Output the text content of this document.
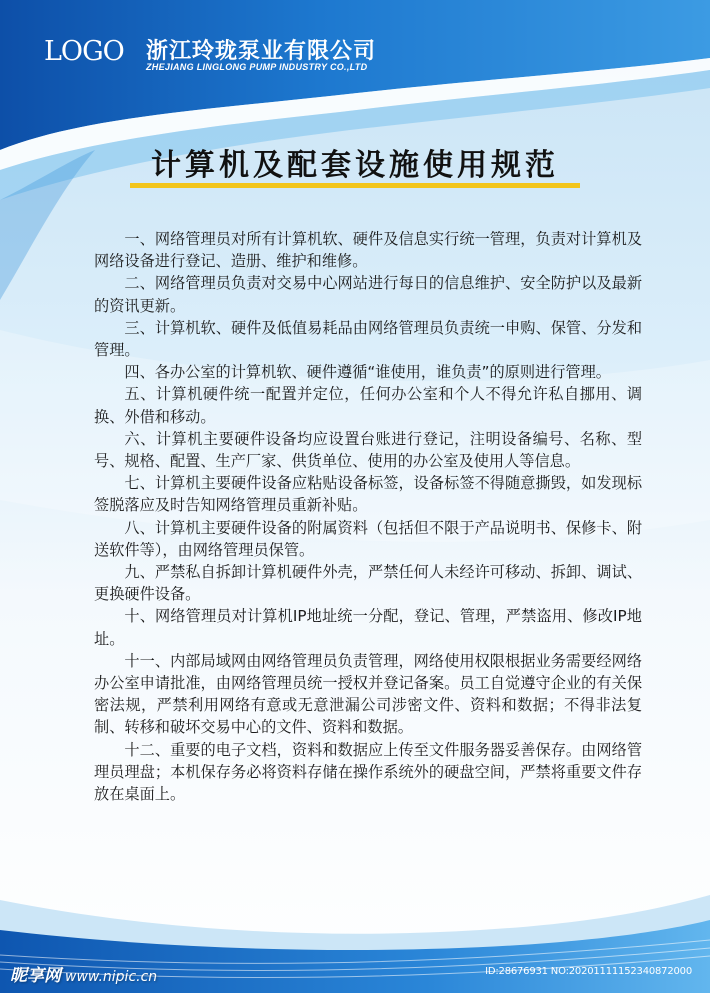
LOGO 浙江玲珑泵业有限公司
ZHEJIANG LINGLONG PUMP INDUSTRY CO.,LTD
计算机及配套设施使用规范

一、网络管理员对所有计算机软、硬件及信息实行统一管理，负责对计算机及网络设备进行登记、造册、维护和维修。

二、网络管理员负责对交易中心网站进行每日的信息维护、安全防护以及最新的资讯更新。

三、计算机软、硬件及低值易耗品由网络管理员负责统一申购、保管、分发和管理。

四、各办公室的计算机软、硬件遵循“谁使用，谁负责”的原则进行管理。

五、计算机硬件统一配置并定位，任何办公室和个人不得允许私自挪用、调换、外借和移动。

六、计算机主要硬件设备均应设置台账进行登记，注明设备编号、名称、型号、规格、配置、生产厂家、供货单位、使用的办公室及使用人等信息。

七、计算机主要硬件设备应粘贴设备标签，设备标签不得随意撕毁，如发现标签脱落应及时告知网络管理员重新补贴。

八、计算机主要硬件设备的附属资料（包括但不限于产品说明书、保修卡、附送软件等），由网络管理员保管。

九、严禁私自拆卸计算机硬件外壳，严禁任何人未经许可移动、拆卸、调试、更换硬件设备。

十、网络管理员对计算机IP地址统一分配，登记、管理，严禁盗用、修改IP地址。

十一、内部局域网由网络管理员负责管理，网络使用权限根据业务需要经网络办公室申请批准，由网络管理员统一授权并登记备案。员工自觉遵守企业的有关保密法规，严禁利用网络有意或无意泄漏公司涉密文件、资料和数据；不得非法复制、转移和破坏交易中心的文件、资料和数据。

十二、重要的电子文档，资料和数据应上传至文件服务器妥善保存。由网络管理员理盘；本机保存务必将资料存储在操作系统外的硬盘空间，严禁将重要文件存放在桌面上。

昵享网 www.nipic.cn	ID:28676931 NO:20201111152340872000
